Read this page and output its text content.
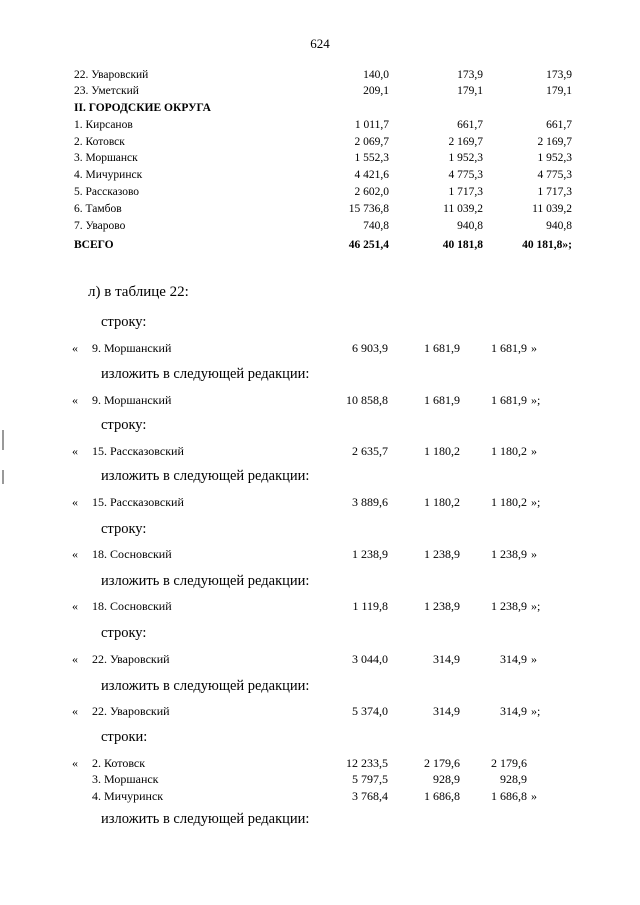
624
22. Уваровский	140,0	173,9	173,9
23. Уметский	209,1	179,1	179,1
II. ГОРОДСКИЕ ОКРУГА
1. Кирсанов	1 011,7	661,7	661,7
2. Котовск	2 069,7	2 169,7	2 169,7
3. Моршанск	1 552,3	1 952,3	1 952,3
4. Мичуринск	4 421,6	4 775,3	4 775,3
5. Рассказово	2 602,0	1 717,3	1 717,3
6. Тамбов	15 736,8	11 039,2	11 039,2
7. Уварово	740,8	940,8	940,8
ВСЕГО	46 251,4	40 181,8	40 181,8»;
л) в таблице 22:
строку:
« 9. Моршанский	6 903,9	1 681,9	1 681,9 »
изложить в следующей редакции:
« 9. Моршанский	10 858,8	1 681,9	1 681,9 »;
строку:
« 15. Рассказовский	2 635,7	1 180,2	1 180,2 »
изложить в следующей редакции:
« 15. Рассказовский	3 889,6	1 180,2	1 180,2 »;
строку:
« 18. Сосновский	1 238,9	1 238,9	1 238,9 »
изложить в следующей редакции:
« 18. Сосновский	1 119,8	1 238,9	1 238,9 »;
строку:
« 22. Уваровский	3 044,0	314,9	314,9 »
изложить в следующей редакции:
« 22. Уваровский	5 374,0	314,9	314,9 »;
строки:
« 2. Котовск	12 233,5	2 179,6	2 179,6
3. Моршанск	5 797,5	928,9	928,9
4. Мичуринск	3 768,4	1 686,8	1 686,8 »
изложить в следующей редакции:
